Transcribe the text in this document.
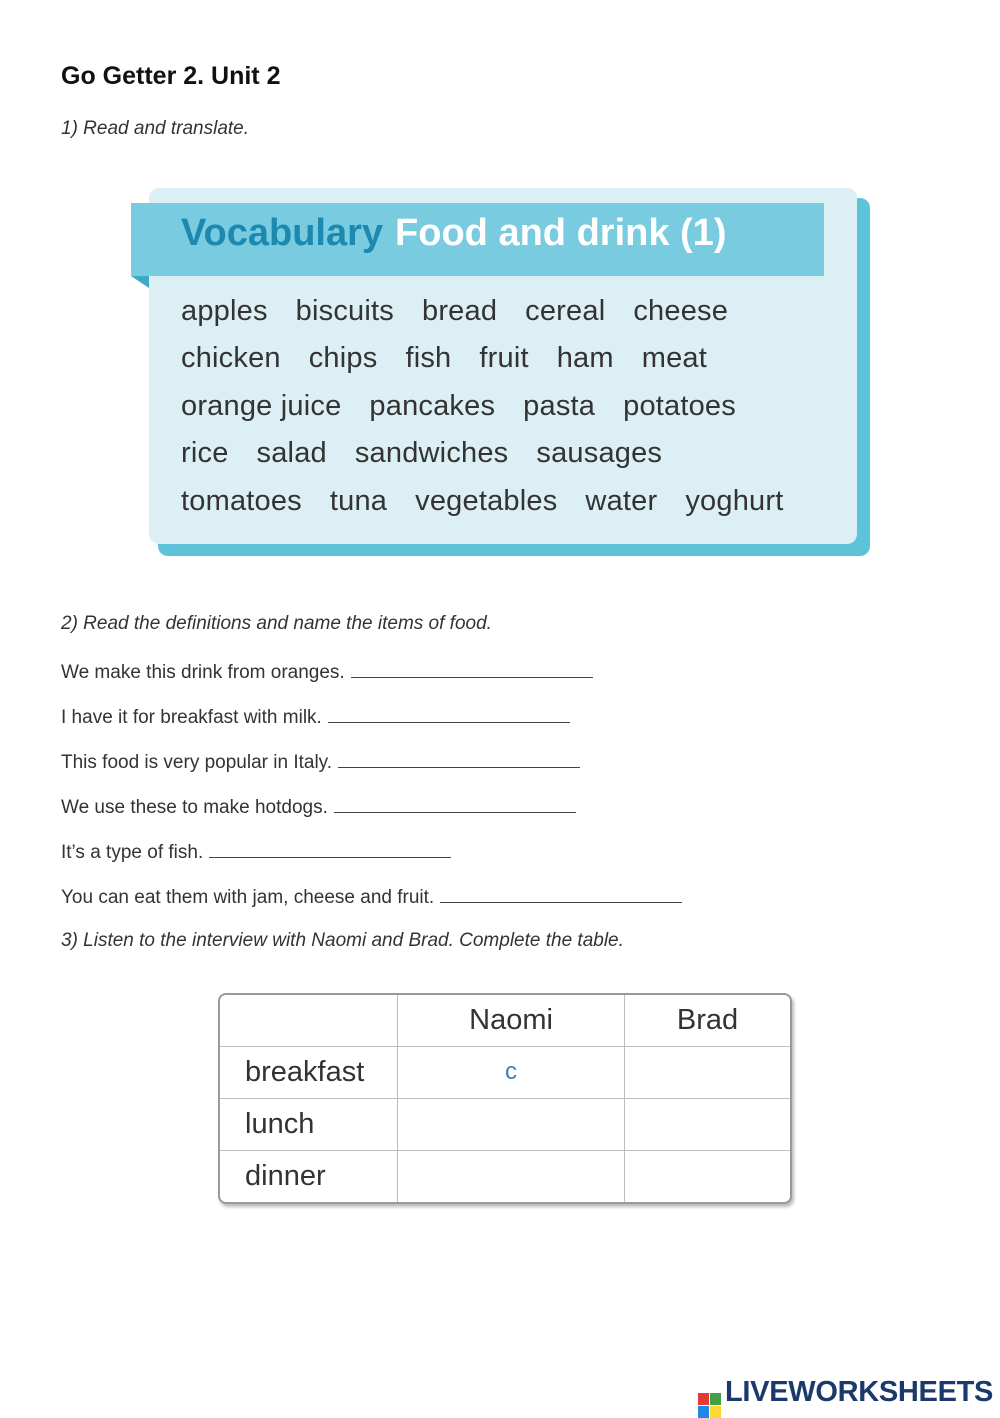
Go Getter 2. Unit 2
1) Read and translate.
Vocabulary Food and drink (1)
apples biscuits bread cereal cheese
chicken chips fish fruit ham meat
orange juice pancakes pasta potatoes
rice salad sandwiches sausages
tomatoes tuna vegetables water yoghurt
2) Read the definitions and name the items of food.
We make this drink from oranges.
I have it for breakfast with milk.
This food is very popular in Italy.
We use these to make hotdogs.
It’s a type of fish.
You can eat them with jam, cheese and fruit.
3) Listen to the interview with Naomi and Brad. Complete the table.
	Naomi	Brad
breakfast	c	
lunch		
dinner		
LIVEWORKSHEETS
